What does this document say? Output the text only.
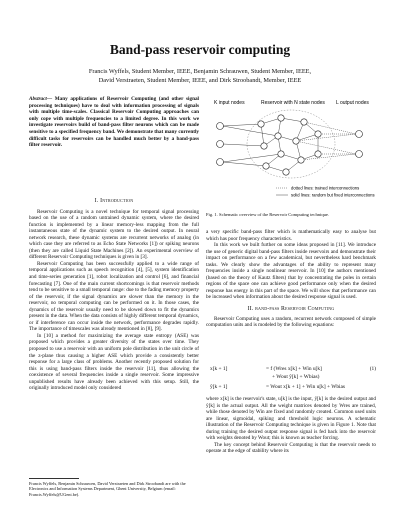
Band-pass reservoir computing
Francis Wyffels, Student Member, IEEE, Benjamin Schrauwen, Student Member, IEEE,
David Verstraeten, Student Member, IEEE, and Dirk Stroobandt, Member, IEEE
Abstract— Many applications of Reservoir Computing (and other signal processing techniques) have to deal with information processing of signals with multiple time-scales. Classical Reservoir Computing approaches can only cope with multiple frequencies to a limited degree. In this work we investigate reservoirs build of band-pass filter neurons which can be made sensitive to a specified frequency band. We demonstrate that many currently difficult tasks for reservoirs can be handled much better by a band-pass filter reservoir.
I. Introduction

Reservoir Computing is a novel technique for temporal signal processing based on the use of a random untrained dynamic system, where the desired function is implemented by a linear memory-less mapping from the full instantaneous state of the dynamic system to the desired output. In neural network research, these dynamic systems are recurrent networks of analog (in which case they are referred to as Echo State Networks [1]) or spiking neurons (then they are called Liquid State Machines [2]). An experimental overview of different Reservoir Computing techniques is given in [3].

Reservoir Computing has been successfully applied to a wide range of temporal applications such as speech recognition [4], [5], system identification and time-series generation [1], robot localization and control [6], and financial forecasting [7]. One of the main current shortcomings is that reservoir methods tend to be sensitive to a small temporal range: due to the fading memory property of the reservoir, if the signal dynamics are slower than the memory in the reservoir, no temporal computing can be performed on it. In those cases, the dynamics of the reservoir usually need to be slowed down to fit the dynamics present in the data. When the data consists of highly different temporal dynamics, or if interference can occur inside the network, performance degrades rapidly. The importance of timescales was already mentioned in [8], [9].

In [10] a method for maximizing the average state entropy (ASE) was proposed which provides a greater diversity of the states over time. They proposed to use a reservoir with an uniform pole distribution in the unit circle of the z-plane thus causing a higher ASE which provide a consistently better response for a large class of problems. Another recently proposed solution for this is using band-pass filters inside the reservoir [11], thus allowing the coexistence of several frequencies inside a single reservoir. Some impressive unpublished results have already been achieved with this setup. Still, the originally introduced model only considered

Francis Wyffels, Benjamin Schrauwen, David Verstraeten and Dirk Stroobandt are with the Electronics and Information Systems Department, Ghent University, Belgium (email: Francis.Wyffels@UGent.be).
K input nodes	Reservoir with N state nodes L output nodes
dotted lines: trained interconnections
solid lines: random but fixed interconnections
Fig. 1. Schematic overview of the Reservoir Computing technique.

a very specific band-pass filter which is mathematically easy to analyse but which has poor frequency characteristics.

In this work we built further on some ideas proposed in [11]. We introduce the use of generic digital band-pass filters inside reservoirs and demonstrate their impact on performance on a few academical, but nevertheless hard benchmark tasks. We clearly show the advantages of the ability to represent many frequencies inside a single nonlinear reservoir. In [10] the authors mentioned (based on the theory of Kautz filters) that by concentrating the poles in certain regions of the space one can achieve good performance only when the desired response has energy in this part of the space. We will show that performance can be increased when information about the desired response signal is used.

II. band-pass Reservoir Computing

Reservoir Computing uses a random, recurrent network composed of simple computation units and is modeled by the following equations:

x[k + 1]	= f (Wres x[k] + Win u[k]	(1)
+ Wout ŷ[k] + Wbias)
ŷ[k + 1]	= Wout x[k + 1] + Win u[k] + Wbias

where x[k] is the reservoir's state, u[k] is the input, ŷ[k] is the desired output and ŷ[k] is the actual output. All the weight matrices denoted by Wres are trained, while those denoted by Win are fixed and randomly created. Common used units are linear, sigmoidal, spiking and threshold logic neurons. A schematic illustration of the Reservoir Computing technique is given in Figure 1. Note that during training the desired output response signal is fed back into the reservoir with weights denoted by Wout; this is known as teacher forcing.

The key concept behind Reservoir Computing is that the reservoir needs to operate at the edge of stability where its
